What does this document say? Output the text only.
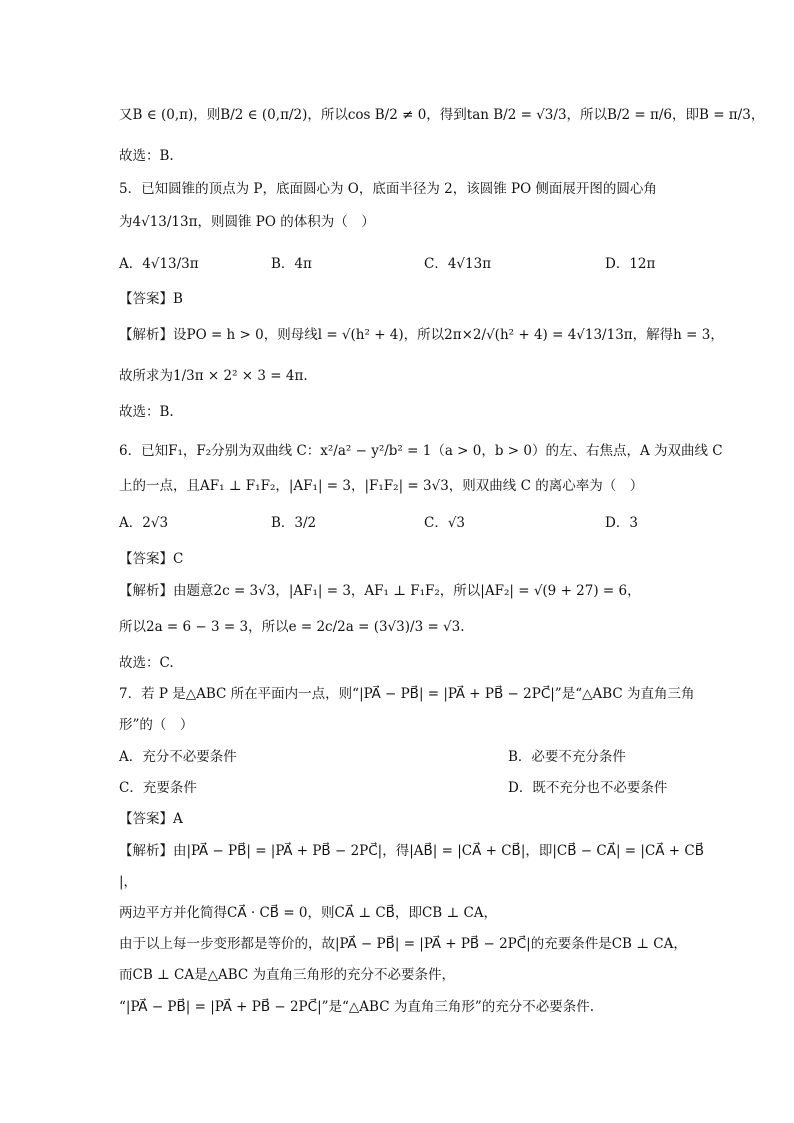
又B ∈ (0,π)，则B/2 ∈ (0,π/2)，所以cos B/2 ≠ 0，得到tan B/2 = √3/3，所以B/2 = π/6，即B = π/3，
故选：B.
5．已知圆锥的顶点为 P，底面圆心为 O，底面半径为 2，该圆锥 PO 侧面展开图的圆心角
为4√13/13π，则圆锥 PO 的体积为（　）
A．4√13/3π	B．4π	C．4√13π	D．12π
【答案】B
【解析】设PO = h > 0，则母线l = √(h² + 4)，所以2π×2/√(h² + 4) = 4√13/13π，解得h = 3，
故所求为1/3π × 2² × 3 = 4π.
故选：B.
6．已知F₁，F₂分别为双曲线 C：x²/a² − y²/b² = 1（a > 0，b > 0）的左、右焦点，A 为双曲线 C
上的一点，且AF₁ ⊥ F₁F₂，|AF₁| = 3，|F₁F₂| = 3√3，则双曲线 C 的离心率为（　）
A．2√3	B．3/2	C．√3	D．3
【答案】C
【解析】由题意2c = 3√3，|AF₁| = 3，AF₁ ⊥ F₁F₂，所以|AF₂| = √(9 + 27) = 6，
所以2a = 6 − 3 = 3，所以e = 2c/2a = (3√3)/3 = √3.
故选：C.
7．若 P 是△ABC 所在平面内一点，则“|PA⃗ − PB⃗| = |PA⃗ + PB⃗ − 2PC⃗|”是“△ABC 为直角三角
形”的（　）
A．充分不必要条件	B．必要不充分条件
C．充要条件	D．既不充分也不必要条件
【答案】A
【解析】由|PA⃗ − PB⃗| = |PA⃗ + PB⃗ − 2PC⃗|，得|AB⃗| = |CA⃗ + CB⃗|，即|CB⃗ − CA⃗| = |CA⃗ + CB⃗
|，
两边平方并化简得CA⃗ · CB⃗ = 0，则CA⃗ ⊥ CB⃗，即CB ⊥ CA，
由于以上每一步变形都是等价的，故|PA⃗ − PB⃗| = |PA⃗ + PB⃗ − 2PC⃗|的充要条件是CB ⊥ CA，
而CB ⊥ CA是△ABC 为直角三角形的充分不必要条件，
“|PA⃗ − PB⃗| = |PA⃗ + PB⃗ − 2PC⃗|”是“△ABC 为直角三角形”的充分不必要条件.
